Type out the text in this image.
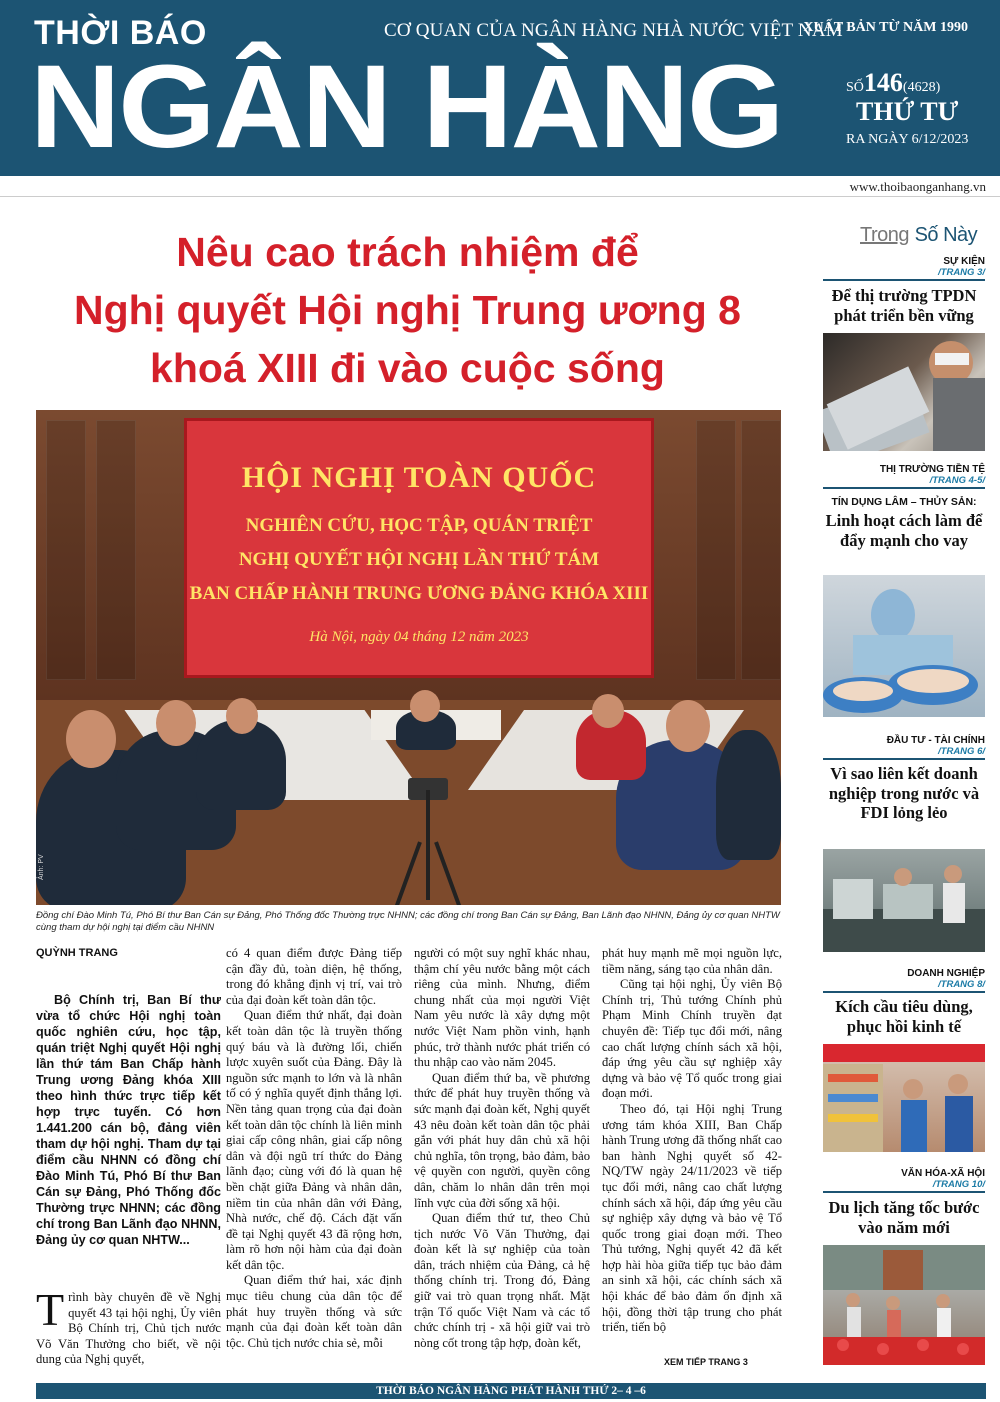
THỜI BÁO
NGÂN HÀNG
CƠ QUAN CỦA NGÂN HÀNG NHÀ NƯỚC VIỆT NAM
XUẤT BẢN TỪ NĂM 1990
SỐ146(4628)
THỨ TƯ
RA NGÀY 6/12/2023
www.thoibaonganhang.vn
Nêu cao trách nhiệm để
Nghị quyết Hội nghị Trung ương 8
khoá XIII đi vào cuộc sống
HỘI NGHỊ TOÀN QUỐC
NGHIÊN CỨU, HỌC TẬP, QUÁN TRIỆT
NGHỊ QUYẾT HỘI NGHỊ LẦN THỨ TÁM
BAN CHẤP HÀNH TRUNG ƯƠNG ĐẢNG KHÓA XIII
Hà Nội, ngày 04 tháng 12 năm 2023
Ảnh: PV
Đồng chí Đào Minh Tú, Phó Bí thư Ban Cán sự Đảng, Phó Thống đốc Thường trực NHNN; các đồng chí trong Ban Cán sự Đảng, Ban Lãnh đạo NHNN, Đảng ủy cơ quan NHTW cùng tham dự hội nghị tại điểm cầu NHNN
QUỲNH TRANG

Bộ Chính trị, Ban Bí thư vừa tổ chức Hội nghị toàn quốc nghiên cứu, học tập, quán triệt Nghị quyết Hội nghị lần thứ tám Ban Chấp hành Trung ương Đảng khóa XIII theo hình thức trực tiếp kết hợp trực tuyến. Có hơn 1.441.200 cán bộ, đảng viên tham dự hội nghị. Tham dự tại điểm cầu NHNN có đồng chí Đào Minh Tú, Phó Bí thư Ban Cán sự Đảng, Phó Thống đốc Thường trực NHNN; các đồng chí trong Ban Lãnh đạo NHNN, Đảng ủy cơ quan NHTW...

Trình bày chuyên đề về Nghị quyết 43 tại hội nghị, Ủy viên Bộ Chính trị, Chủ tịch nước Võ Văn Thưởng cho biết, về nội dung của Nghị quyết,

có 4 quan điểm được Đảng tiếp cận đầy đủ, toàn diện, hệ thống, trong đó khẳng định vị trí, vai trò của đại đoàn kết toàn dân tộc.

Quan điểm thứ nhất, đại đoàn kết toàn dân tộc là truyền thống quý báu và là đường lối, chiến lược xuyên suốt của Đảng. Đây là nguồn sức mạnh to lớn và là nhân tố có ý nghĩa quyết định thắng lợi. Nền tảng quan trọng của đại đoàn kết toàn dân tộc chính là liên minh giai cấp công nhân, giai cấp nông dân và đội ngũ trí thức do Đảng lãnh đạo; cùng với đó là quan hệ bền chặt giữa Đảng và nhân dân, niềm tin của nhân dân với Đảng, Nhà nước, chế độ. Cách đặt vấn đề tại Nghị quyết 43 đã rộng hơn, làm rõ hơn nội hàm của đại đoàn kết dân tộc.

Quan điểm thứ hai, xác định mục tiêu chung của dân tộc để phát huy truyền thống và sức mạnh của đại đoàn kết toàn dân tộc. Chủ tịch nước chia sẻ, mỗi

người có một suy nghĩ khác nhau, thậm chí yêu nước bằng một cách riêng của mình. Nhưng, điểm chung nhất của mọi người Việt Nam yêu nước là xây dựng một nước Việt Nam phồn vinh, hạnh phúc, trở thành nước phát triển có thu nhập cao vào năm 2045.

Quan điểm thứ ba, về phương thức để phát huy truyền thống và sức mạnh đại đoàn kết, Nghị quyết 43 nêu đoàn kết toàn dân tộc phải gắn với phát huy dân chủ xã hội chủ nghĩa, tôn trọng, bảo đảm, bảo vệ quyền con người, quyền công dân, chăm lo nhân dân trên mọi lĩnh vực của đời sống xã hội.

Quan điểm thứ tư, theo Chủ tịch nước Võ Văn Thưởng, đại đoàn kết là sự nghiệp của toàn dân, trách nhiệm của Đảng, cả hệ thống chính trị. Trong đó, Đảng giữ vai trò quan trọng nhất. Mặt trận Tổ quốc Việt Nam và các tổ chức chính trị - xã hội giữ vai trò nòng cốt trong tập hợp, đoàn kết,

phát huy mạnh mẽ mọi nguồn lực, tiềm năng, sáng tạo của nhân dân.

Cũng tại hội nghị, Ủy viên Bộ Chính trị, Thủ tướng Chính phủ Phạm Minh Chính truyền đạt chuyên đề: Tiếp tục đổi mới, nâng cao chất lượng chính sách xã hội, đáp ứng yêu cầu sự nghiệp xây dựng và bảo vệ Tổ quốc trong giai đoạn mới.

Theo đó, tại Hội nghị Trung ương tám khóa XIII, Ban Chấp hành Trung ương đã thống nhất cao ban hành Nghị quyết số 42-NQ/TW ngày 24/11/2023 về tiếp tục đổi mới, nâng cao chất lượng chính sách xã hội, đáp ứng yêu cầu sự nghiệp xây dựng và bảo vệ Tổ quốc trong giai đoạn mới. Theo Thủ tướng, Nghị quyết 42 đã kết hợp hài hòa giữa tiếp tục bảo đảm an sinh xã hội, các chính sách xã hội khác để bảo đảm ổn định xã hội, đồng thời tập trung cho phát triển, tiến bộ

XEM TIẾP TRANG 3
Trong Số Này
SỰ KIỆN
/TRANG 3/
Để thị trường TPDN phát triển bền vững
THỊ TRƯỜNG TIỀN TỆ
/TRANG 4-5/
TÍN DỤNG LÂM – THỦY SẢN:
Linh hoạt cách làm để đẩy mạnh cho vay
ĐẦU TƯ - TÀI CHÍNH
/TRANG 6/
Vì sao liên kết doanh nghiệp trong nước và FDI lỏng lẻo
DOANH NGHIỆP
/TRANG 8/
Kích cầu tiêu dùng, phục hồi kinh tế
VĂN HÓA-XÃ HỘI
/TRANG 10/
Du lịch tăng tốc bước vào năm mới
THỜI BÁO NGÂN HÀNG PHÁT HÀNH THỨ 2– 4 –6
